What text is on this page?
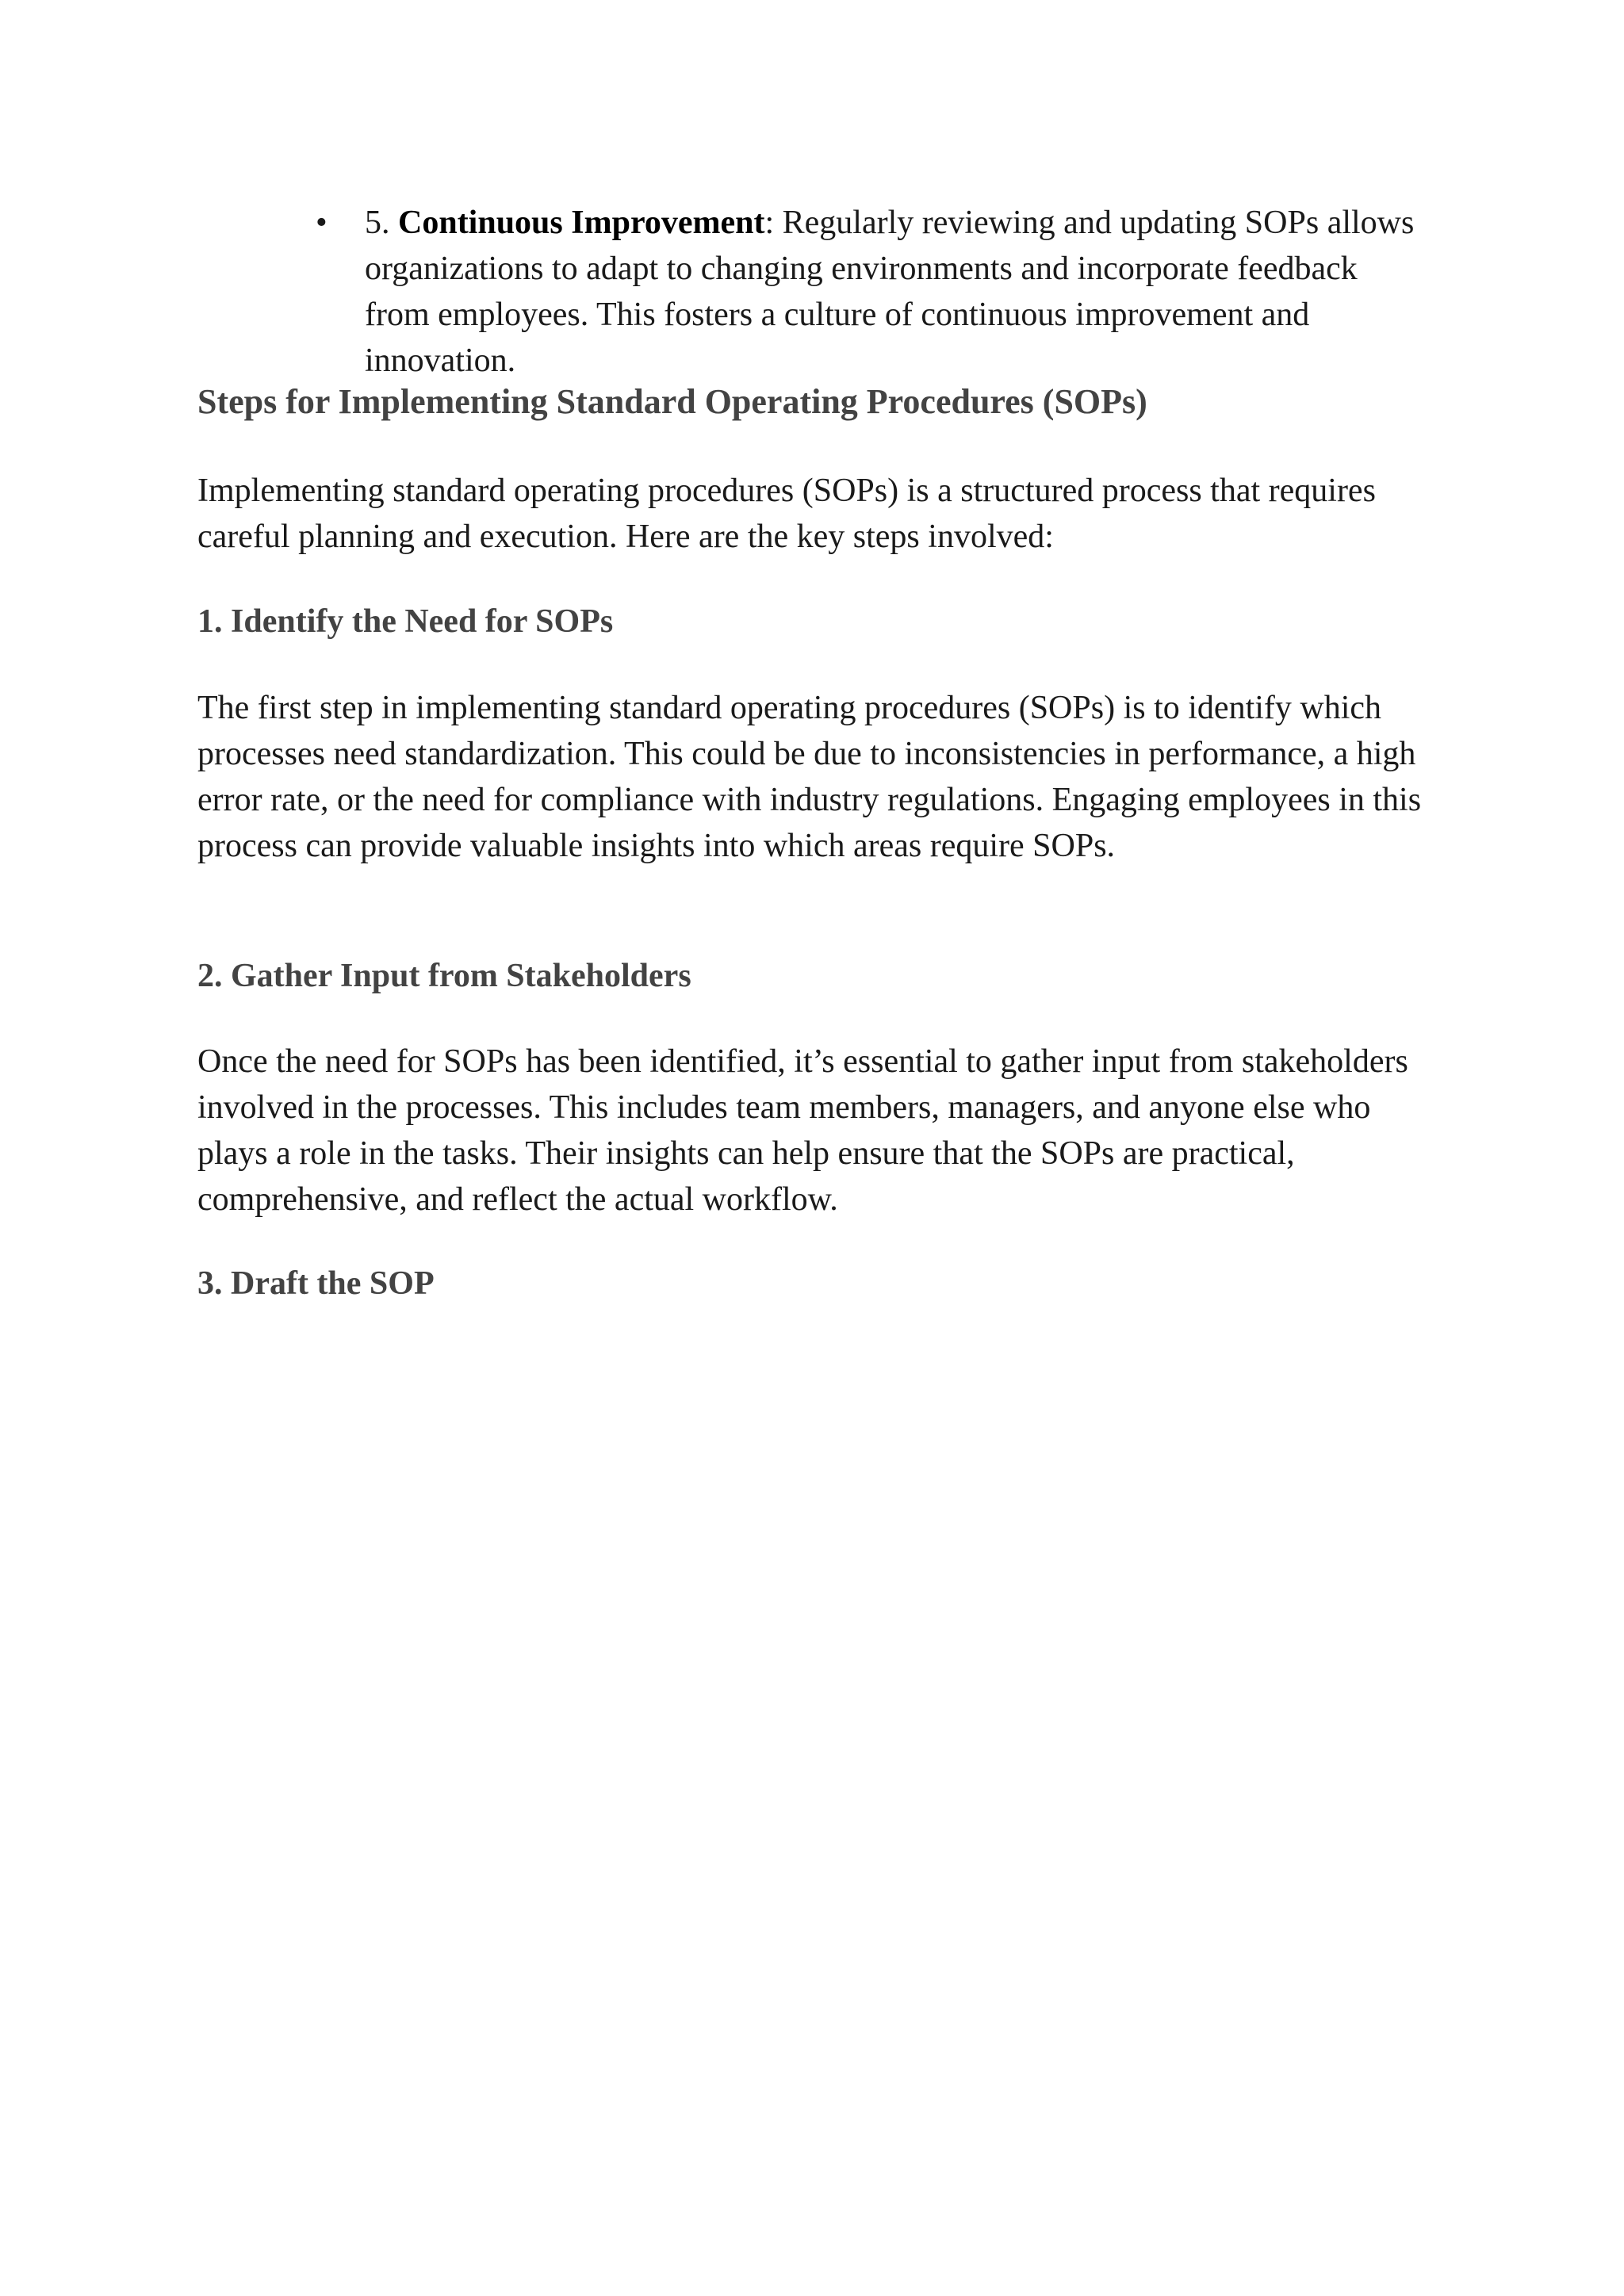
• 5. Continuous Improvement: Regularly reviewing and updating SOPs allows organizations to adapt to changing environments and incorporate feedback from employees. This fosters a culture of continuous improvement and innovation.
Steps for Implementing Standard Operating Procedures (SOPs)
Implementing standard operating procedures (SOPs) is a structured process that requires careful planning and execution. Here are the key steps involved:
1. Identify the Need for SOPs
The first step in implementing standard operating procedures (SOPs) is to identify which processes need standardization. This could be due to inconsistencies in performance, a high error rate, or the need for compliance with industry regulations. Engaging employees in this process can provide valuable insights into which areas require SOPs.
2. Gather Input from Stakeholders
Once the need for SOPs has been identified, it’s essential to gather input from stakeholders involved in the processes. This includes team members, managers, and anyone else who plays a role in the tasks. Their insights can help ensure that the SOPs are practical, comprehensive, and reflect the actual workflow.
3. Draft the SOP
